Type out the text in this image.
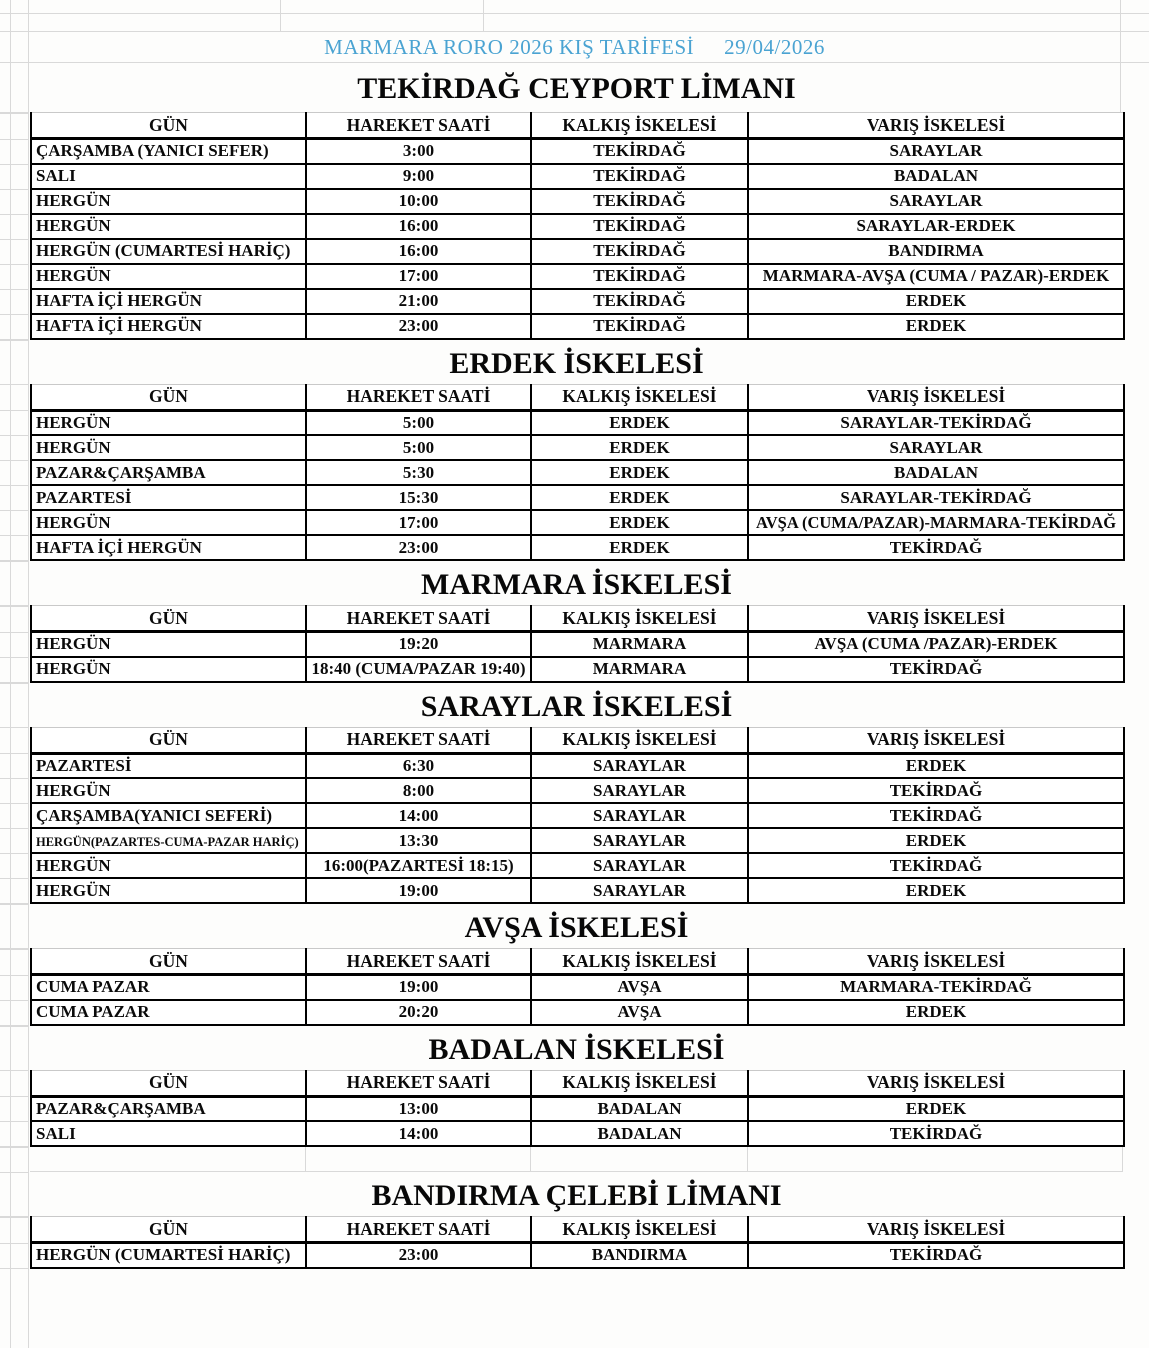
MARMARA RORO 2026 KIŞ TARİFESİ 29/04/2026
TEKİRDAĞ CEYPORT LİMANI
GÜN	HAREKET SAATİ	KALKIŞ İSKELESİ	VARIŞ İSKELESİ
ÇARŞAMBA (YANICI SEFER)	3:00	TEKİRDAĞ	SARAYLAR
SALI	9:00	TEKİRDAĞ	BADALAN
HERGÜN	10:00	TEKİRDAĞ	SARAYLAR
HERGÜN	16:00	TEKİRDAĞ	SARAYLAR-ERDEK
HERGÜN (CUMARTESİ HARİÇ)	16:00	TEKİRDAĞ	BANDIRMA
HERGÜN	17:00	TEKİRDAĞ	MARMARA-AVŞA (CUMA / PAZAR)-ERDEK
HAFTA İÇİ HERGÜN	21:00	TEKİRDAĞ	ERDEK
HAFTA İÇİ HERGÜN	23:00	TEKİRDAĞ	ERDEK
ERDEK İSKELESİ
GÜN	HAREKET SAATİ	KALKIŞ İSKELESİ	VARIŞ İSKELESİ
HERGÜN	5:00	ERDEK	SARAYLAR-TEKİRDAĞ
HERGÜN	5:00	ERDEK	SARAYLAR
PAZAR&ÇARŞAMBA	5:30	ERDEK	BADALAN
PAZARTESİ	15:30	ERDEK	SARAYLAR-TEKİRDAĞ
HERGÜN	17:00	ERDEK	AVŞA (CUMA/PAZAR)-MARMARA-TEKİRDAĞ
HAFTA İÇİ HERGÜN	23:00	ERDEK	TEKİRDAĞ
MARMARA İSKELESİ
GÜN	HAREKET SAATİ	KALKIŞ İSKELESİ	VARIŞ İSKELESİ
HERGÜN	19:20	MARMARA	AVŞA (CUMA /PAZAR)-ERDEK
HERGÜN	18:40 (CUMA/PAZAR 19:40)	MARMARA	TEKİRDAĞ
SARAYLAR İSKELESİ
GÜN	HAREKET SAATİ	KALKIŞ İSKELESİ	VARIŞ İSKELESİ
PAZARTESİ	6:30	SARAYLAR	ERDEK
HERGÜN	8:00	SARAYLAR	TEKİRDAĞ
ÇARŞAMBA(YANICI SEFERİ)	14:00	SARAYLAR	TEKİRDAĞ
HERGÜN(PAZARTES-CUMA-PAZAR HARİÇ)	13:30	SARAYLAR	ERDEK
HERGÜN	16:00(PAZARTESİ 18:15)	SARAYLAR	TEKİRDAĞ
HERGÜN	19:00	SARAYLAR	ERDEK
AVŞA İSKELESİ
GÜN	HAREKET SAATİ	KALKIŞ İSKELESİ	VARIŞ İSKELESİ
CUMA PAZAR	19:00	AVŞA	MARMARA-TEKİRDAĞ
CUMA PAZAR	20:20	AVŞA	ERDEK
BADALAN İSKELESİ
GÜN	HAREKET SAATİ	KALKIŞ İSKELESİ	VARIŞ İSKELESİ
PAZAR&ÇARŞAMBA	13:00	BADALAN	ERDEK
SALI	14:00	BADALAN	TEKİRDAĞ
BANDIRMA ÇELEBİ LİMANI
GÜN	HAREKET SAATİ	KALKIŞ İSKELESİ	VARIŞ İSKELESİ
HERGÜN (CUMARTESİ HARİÇ)	23:00	BANDIRMA	TEKİRDAĞ
